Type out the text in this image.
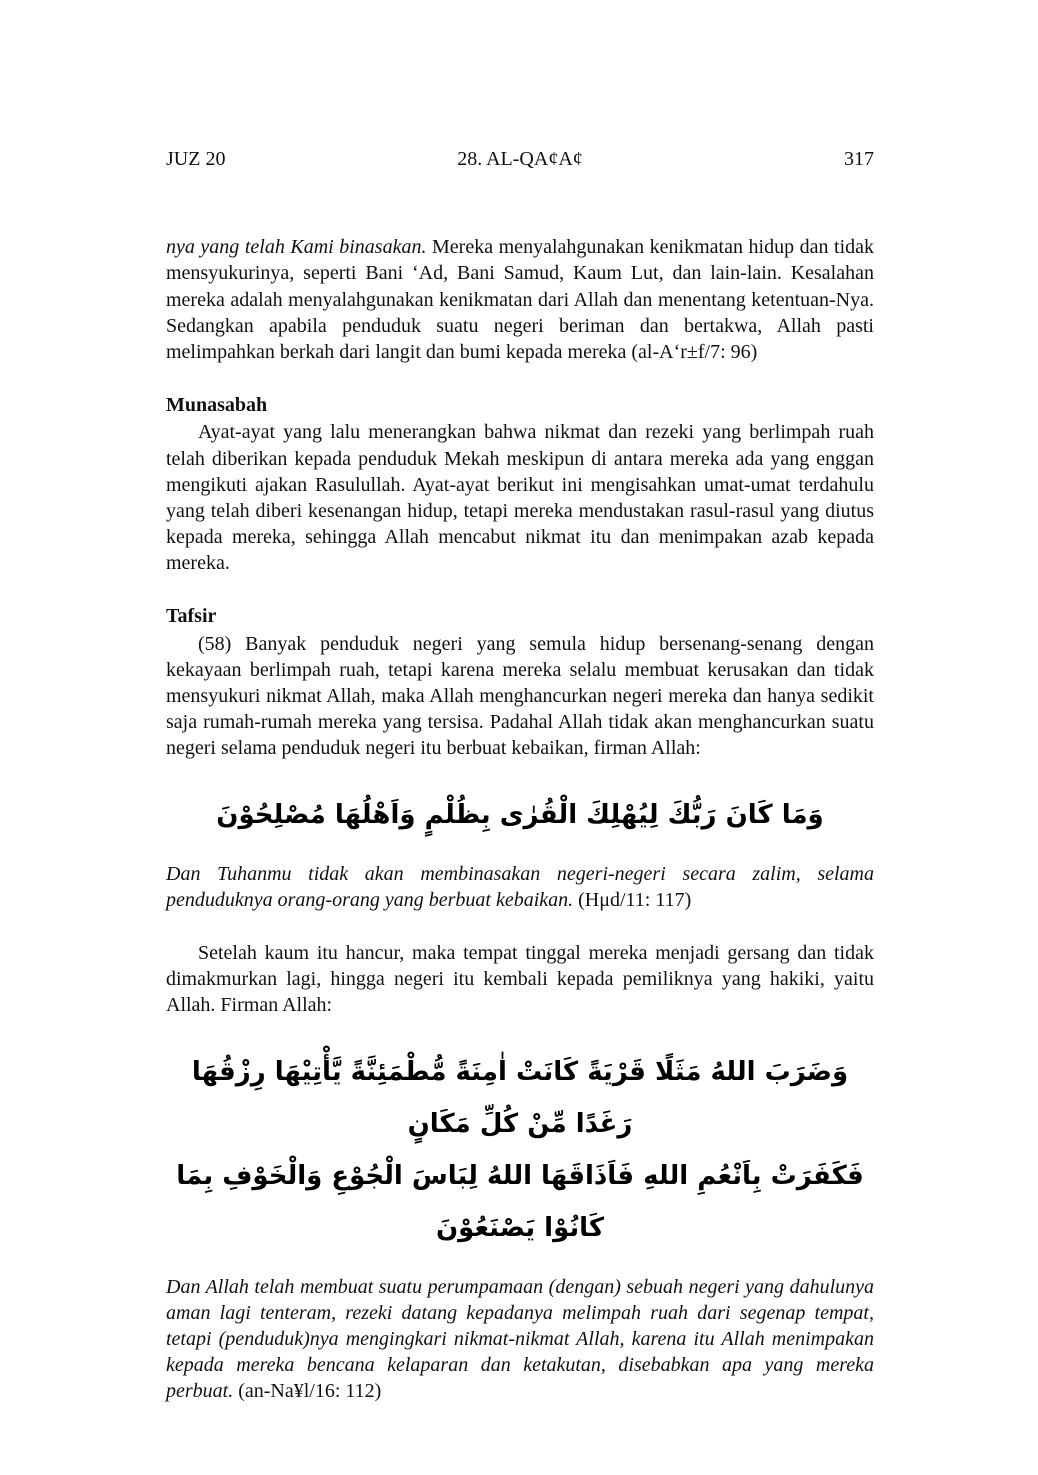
JUZ 20	28. AL-QA¢A¢	317

nya yang telah Kami binasakan. Mereka menyalahgunakan kenikmatan hidup dan tidak mensyukurinya, seperti Bani ‘Ad, Bani Samud, Kaum Lut, dan lain-lain. Kesalahan mereka adalah menyalahgunakan kenikmatan dari Allah dan menentang ketentuan-Nya. Sedangkan apabila penduduk suatu negeri beriman dan bertakwa, Allah pasti melimpahkan berkah dari langit dan bumi kepada mereka (al-A‘r±f/7: 96)

Munasabah

Ayat-ayat yang lalu menerangkan bahwa nikmat dan rezeki yang berlimpah ruah telah diberikan kepada penduduk Mekah meskipun di antara mereka ada yang enggan mengikuti ajakan Rasulullah. Ayat-ayat berikut ini mengisahkan umat-umat terdahulu yang telah diberi kesenangan hidup, tetapi mereka mendustakan rasul-rasul yang diutus kepada mereka, sehingga Allah mencabut nikmat itu dan menimpakan azab kepada mereka.

Tafsir

(58) Banyak penduduk negeri yang semula hidup bersenang-senang dengan kekayaan berlimpah ruah, tetapi karena mereka selalu membuat kerusakan dan tidak mensyukuri nikmat Allah, maka Allah menghancurkan negeri mereka dan hanya sedikit saja rumah-rumah mereka yang tersisa. Padahal Allah tidak akan menghancurkan suatu negeri selama penduduk negeri itu berbuat kebaikan, firman Allah:

وَمَا كَانَ رَبُّكَ لِيُهْلِكَ الْقُرٰى بِظُلْمٍ وَاَهْلُهَا مُصْلِحُوْنَ

Dan Tuhanmu tidak akan membinasakan negeri-negeri secara zalim, selama penduduknya orang-orang yang berbuat kebaikan. (Hμd/11: 117)

Setelah kaum itu hancur, maka tempat tinggal mereka menjadi gersang dan tidak dimakmurkan lagi, hingga negeri itu kembali kepada pemiliknya yang hakiki, yaitu Allah. Firman Allah:

وَضَرَبَ اللهُ مَثَلًا قَرْيَةً كَانَتْ اٰمِنَةً مُّطْمَئِنَّةً يَّأْتِيْهَا رِزْقُهَا رَغَدًا مِّنْ كُلِّ مَكَانٍ
فَكَفَرَتْ بِاَنْعُمِ اللهِ فَاَذَاقَهَا اللهُ لِبَاسَ الْجُوْعِ وَالْخَوْفِ بِمَا كَانُوْا يَصْنَعُوْنَ

Dan Allah telah membuat suatu perumpamaan (dengan) sebuah negeri yang dahulunya aman lagi tenteram, rezeki datang kepadanya melimpah ruah dari segenap tempat, tetapi (penduduk)nya mengingkari nikmat-nikmat Allah, karena itu Allah menimpakan kepada mereka bencana kelaparan dan ketakutan, disebabkan apa yang mereka perbuat. (an-Na¥l/16: 112)
